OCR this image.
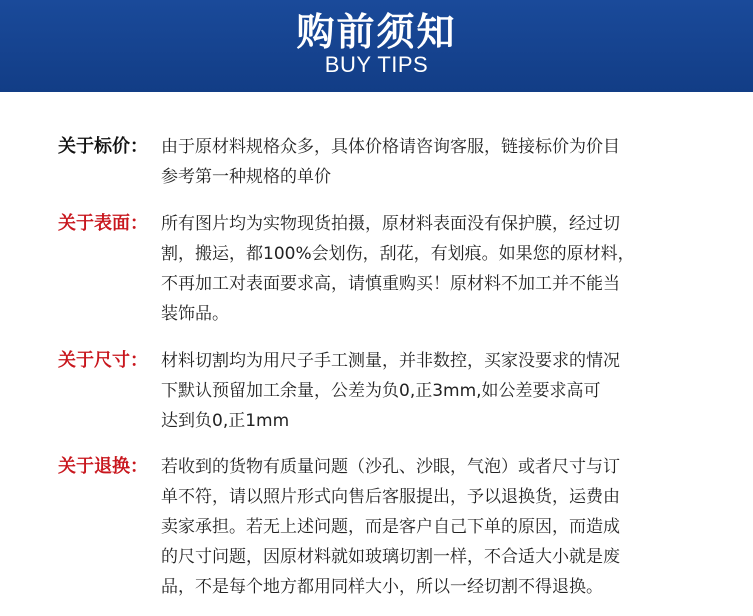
购前须知
BUY TIPS
关于标价： 由于原材料规格众多，具体价格请咨询客服，链接标价为价目
参考第一种规格的单价
关于表面： 所有图片均为实物现货拍摄，原材料表面没有保护膜，经过切
割，搬运，都100%会划伤，刮花，有划痕。如果您的原材料，
不再加工对表面要求高，请慎重购买！原材料不加工并不能当
装饰品。
关于尺寸： 材料切割均为用尺子手工测量，并非数控，买家没要求的情况
下默认预留加工余量，公差为负0,正3mm,如公差要求高可
达到负0,正1mm
关于退换： 若收到的货物有质量问题（沙孔、沙眼，气泡）或者尺寸与订
单不符，请以照片形式向售后客服提出，予以退换货，运费由
卖家承担。若无上述问题，而是客户自己下单的原因，而造成
的尺寸问题，因原材料就如玻璃切割一样，不合适大小就是废
品，不是每个地方都用同样大小，所以一经切割不得退换。
